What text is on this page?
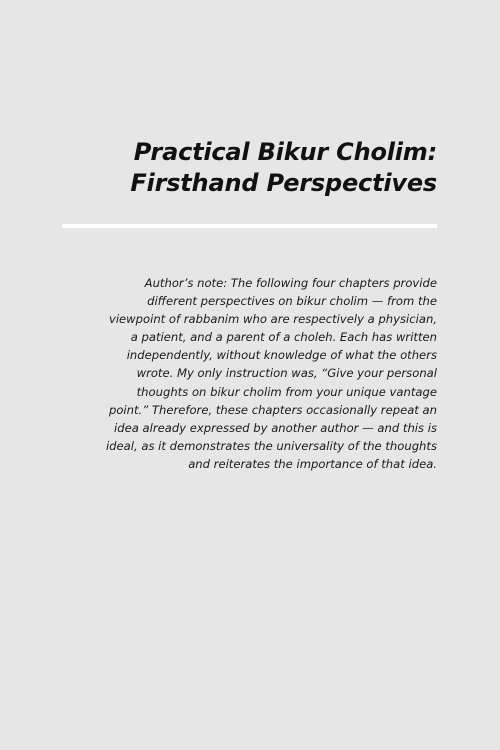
Practical Bikur Cholim:
Firsthand Perspectives
Author’s note: The following four chapters provide
different perspectives on bikur cholim — from the
viewpoint of rabbanim who are respectively a physician,
a patient, and a parent of a choleh. Each has written
independently, without knowledge of what the others
wrote. My only instruction was, “Give your personal
thoughts on bikur cholim from your unique vantage
point.” Therefore, these chapters occasionally repeat an
idea already expressed by another author — and this is
ideal, as it demonstrates the universality of the thoughts
and reiterates the importance of that idea.
